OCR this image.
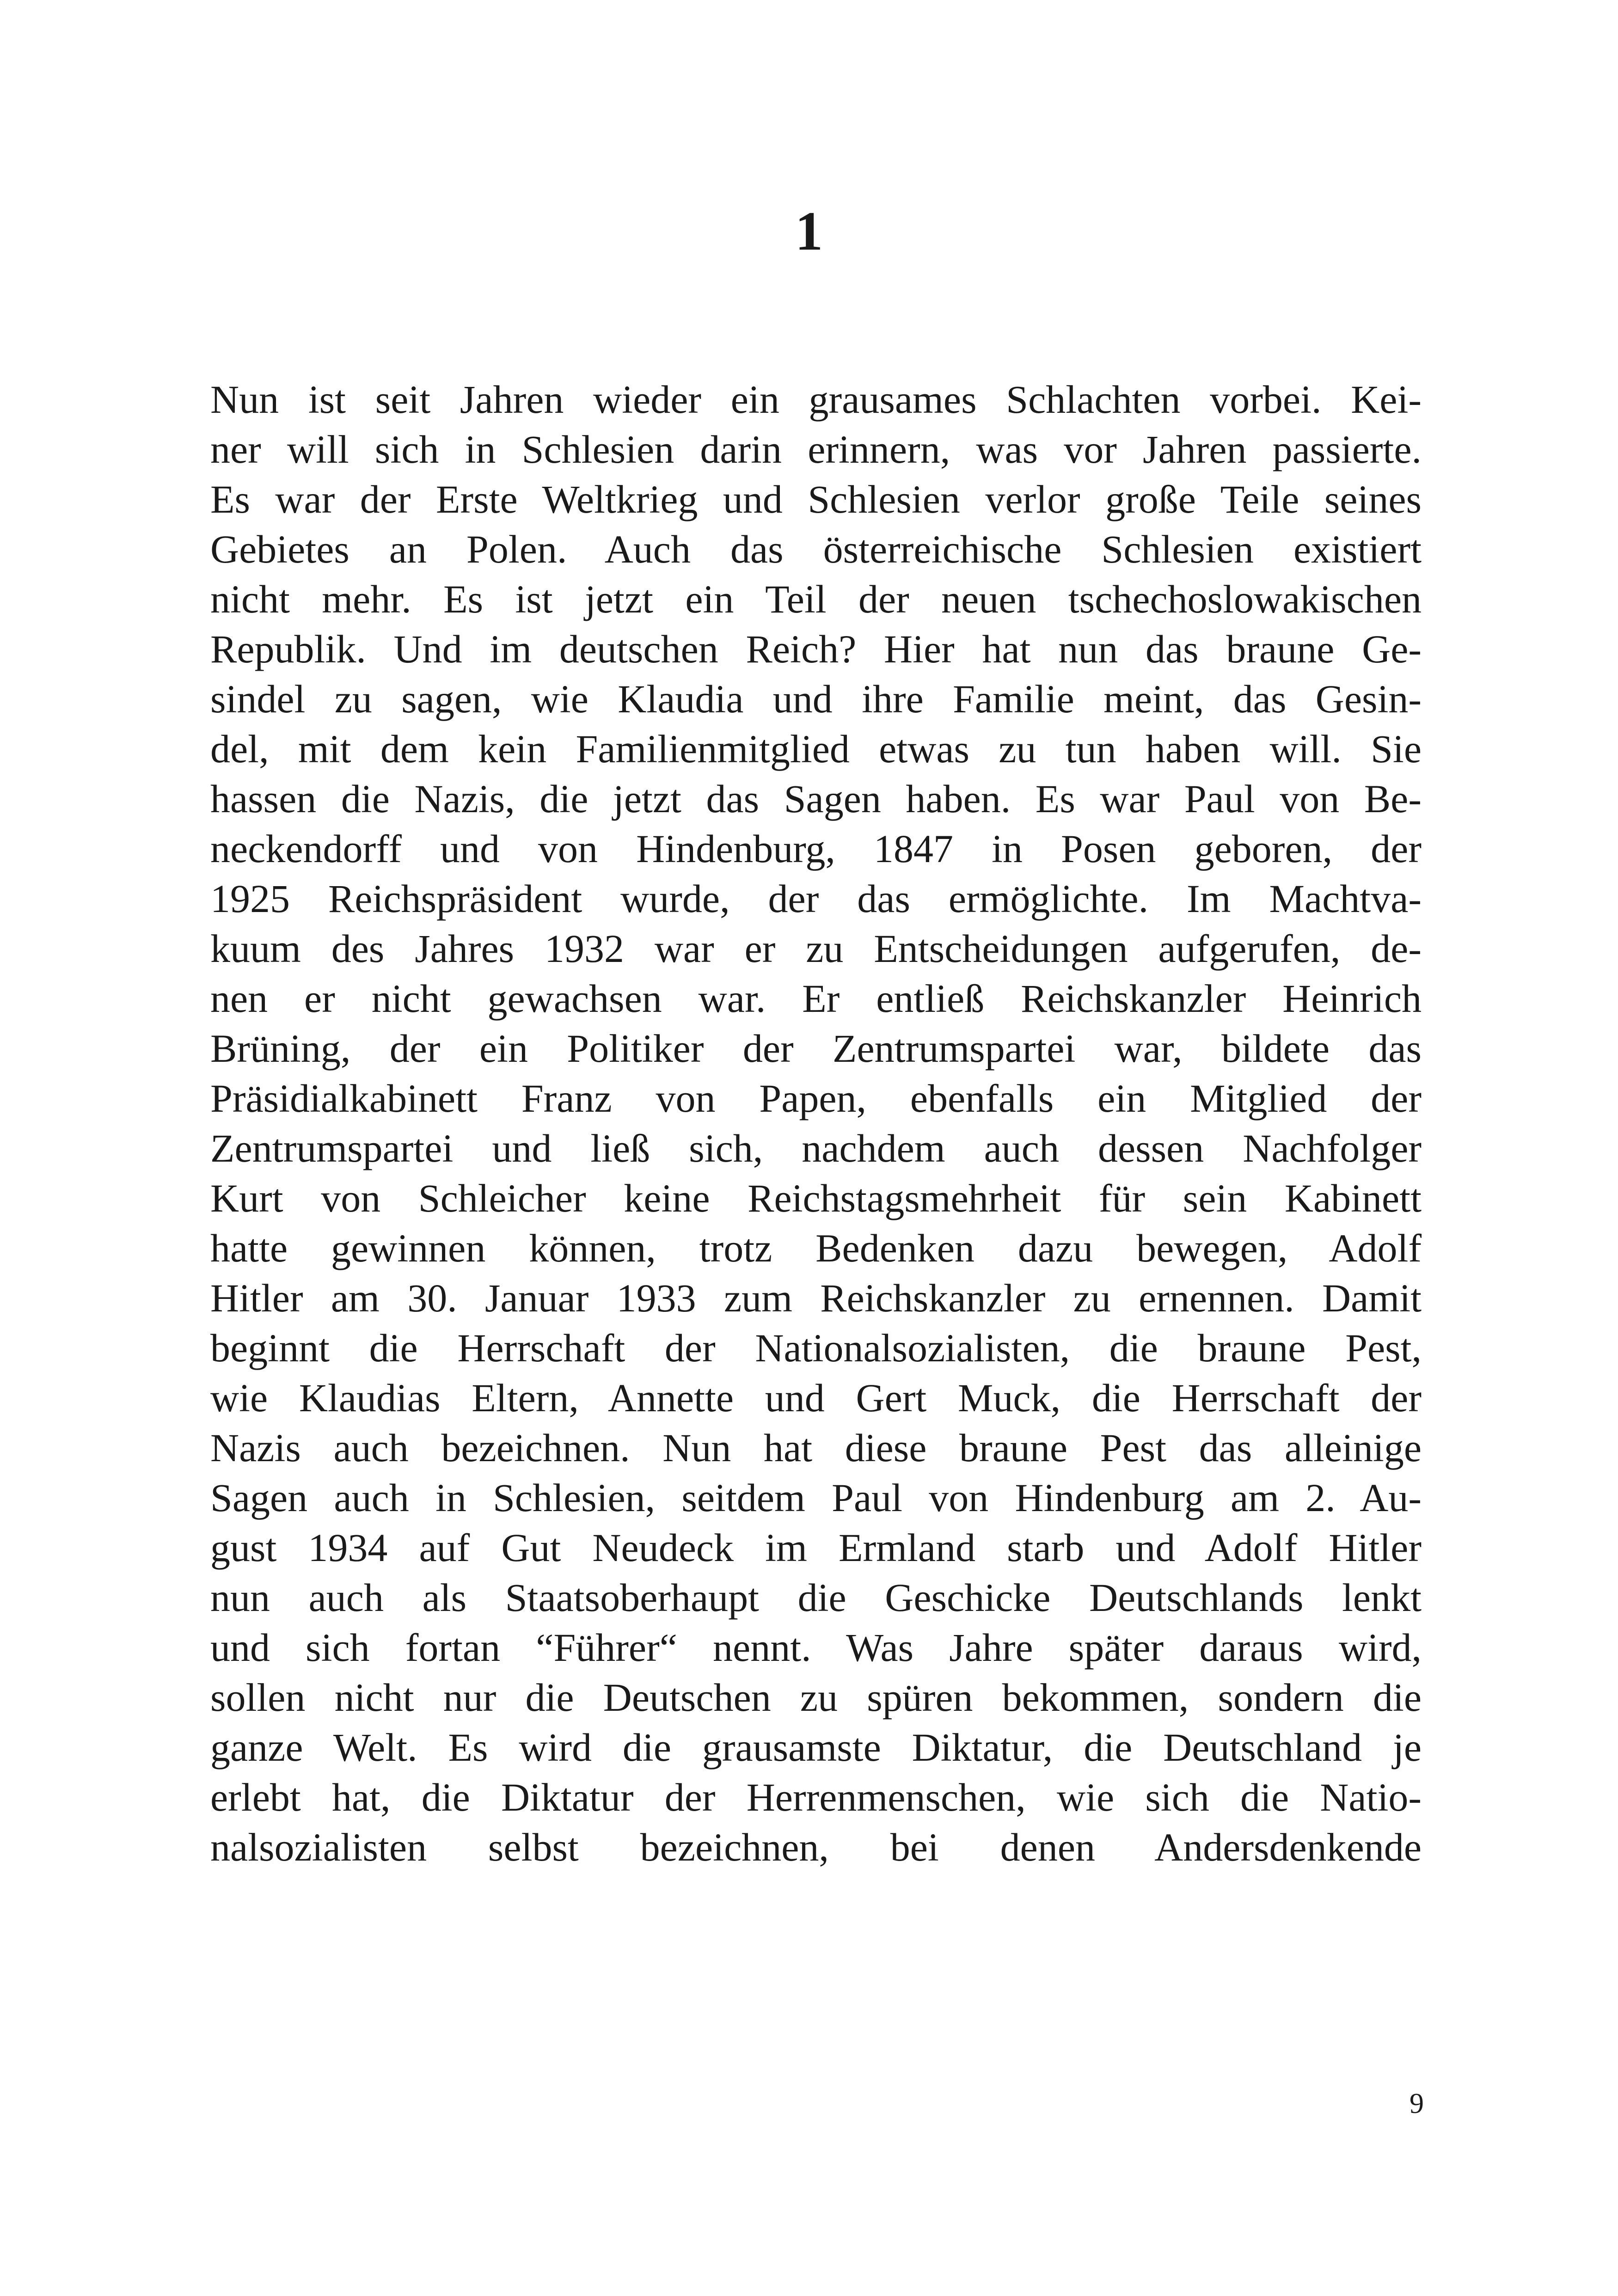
1
Nun ist seit Jahren wieder ein grausames Schlachten vorbei. Kei-
ner will sich in Schlesien darin erinnern, was vor Jahren passierte.
Es war der Erste Weltkrieg und Schlesien verlor große Teile seines
Gebietes an Polen. Auch das österreichische Schlesien existiert
nicht mehr. Es ist jetzt ein Teil der neuen tschechoslowakischen
Republik. Und im deutschen Reich? Hier hat nun das braune Ge-
sindel zu sagen, wie Klaudia und ihre Familie meint, das Gesin-
del, mit dem kein Familienmitglied etwas zu tun haben will. Sie
hassen die Nazis, die jetzt das Sagen haben. Es war Paul von Be-
neckendorff und von Hindenburg, 1847 in Posen geboren, der
1925 Reichspräsident wurde, der das ermöglichte. Im Machtva-
kuum des Jahres 1932 war er zu Entscheidungen aufgerufen, de-
nen er nicht gewachsen war. Er entließ Reichskanzler Heinrich
Brüning, der ein Politiker der Zentrumspartei war, bildete das
Präsidialkabinett Franz von Papen, ebenfalls ein Mitglied der
Zentrumspartei und ließ sich, nachdem auch dessen Nachfolger
Kurt von Schleicher keine Reichstagsmehrheit für sein Kabinett
hatte gewinnen können, trotz Bedenken dazu bewegen, Adolf
Hitler am 30. Januar 1933 zum Reichskanzler zu ernennen. Damit
beginnt die Herrschaft der Nationalsozialisten, die braune Pest,
wie Klaudias Eltern, Annette und Gert Muck, die Herrschaft der
Nazis auch bezeichnen. Nun hat diese braune Pest das alleinige
Sagen auch in Schlesien, seitdem Paul von Hindenburg am 2. Au-
gust 1934 auf Gut Neudeck im Ermland starb und Adolf Hitler
nun auch als Staatsoberhaupt die Geschicke Deutschlands lenkt
und sich fortan “Führer“ nennt. Was Jahre später daraus wird,
sollen nicht nur die Deutschen zu spüren bekommen, sondern die
ganze Welt. Es wird die grausamste Diktatur, die Deutschland je
erlebt hat, die Diktatur der Herrenmenschen, wie sich die Natio-
nalsozialisten selbst bezeichnen, bei denen Andersdenkende
9
